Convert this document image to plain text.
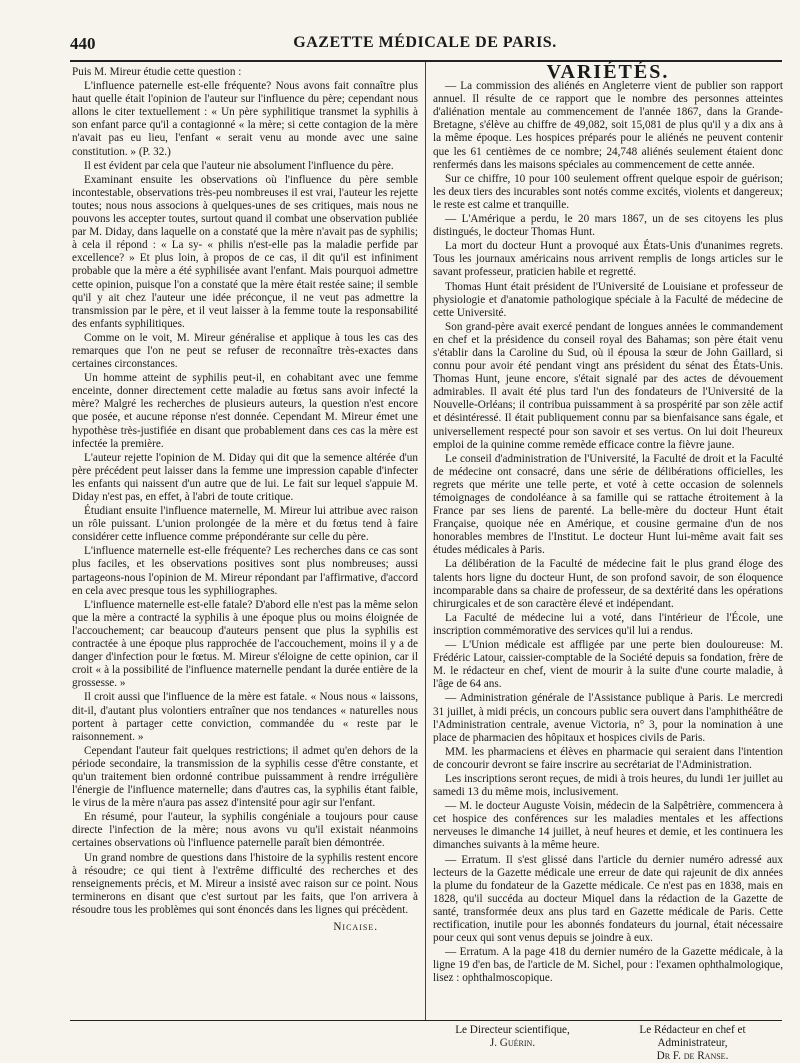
440	GAZETTE MÉDICALE DE PARIS.

Puis M. Mireur étudie cette question :

L'influence paternelle est-elle fréquente? Nous avons fait connaître plus haut quelle était l'opinion de l'auteur sur l'influence du père; cependant nous allons le citer textuellement : « Un père syphilitique transmet la syphilis à son enfant parce qu'il a contagionné « la mère; si cette contagion de la mère n'avait pas eu lieu, l'enfant « serait venu au monde avec une saine constitution. » (P. 32.)

Il est évident par cela que l'auteur nie absolument l'influence du père.

Examinant ensuite les observations où l'influence du père semble incontestable, observations très-peu nombreuses il est vrai, l'auteur les rejette toutes; nous nous associons à quelques-unes de ses critiques, mais nous ne pouvons les accepter toutes, surtout quand il combat une observation publiée par M. Diday, dans laquelle on a constaté que la mère n'avait pas de syphilis; à cela il répond : « La sy- « philis n'est-elle pas la maladie perfide par excellence? » Et plus loin, à propos de ce cas, il dit qu'il est infiniment probable que la mère a été syphilisée avant l'enfant. Mais pourquoi admettre cette opinion, puisque l'on a constaté que la mère était restée saine; il semble qu'il y ait chez l'auteur une idée préconçue, il ne veut pas admettre la transmission par le père, et il veut laisser à la femme toute la responsabilité des enfants syphilitiques.

Comme on le voit, M. Mireur généralise et applique à tous les cas des remarques que l'on ne peut se refuser de reconnaître très-exactes dans certaines circonstances.

Un homme atteint de syphilis peut-il, en cohabitant avec une femme enceinte, donner directement cette maladie au fœtus sans avoir infecté la mère? Malgré les recherches de plusieurs auteurs, la question n'est encore que posée, et aucune réponse n'est donnée. Cependant M. Mireur émet une hypothèse très-justifiée en disant que probablement dans ces cas la mère est infectée la première.

L'auteur rejette l'opinion de M. Diday qui dit que la semence altérée d'un père précédent peut laisser dans la femme une impression capable d'infecter les enfants qui naissent d'un autre que de lui. Le fait sur lequel s'appuie M. Diday n'est pas, en effet, à l'abri de toute critique.

Étudiant ensuite l'influence maternelle, M. Mireur lui attribue avec raison un rôle puissant. L'union prolongée de la mère et du fœtus tend à faire considérer cette influence comme prépondérante sur celle du père.

L'influence maternelle est-elle fréquente? Les recherches dans ce cas sont plus faciles, et les observations positives sont plus nombreuses; aussi partageons-nous l'opinion de M. Mireur répondant par l'affirmative, d'accord en cela avec presque tous les syphiliographes.

L'influence maternelle est-elle fatale? D'abord elle n'est pas la même selon que la mère a contracté la syphilis à une époque plus ou moins éloignée de l'accouchement; car beaucoup d'auteurs pensent que plus la syphilis est contractée à une époque plus rapprochée de l'accouchement, moins il y a de danger d'infection pour le fœtus. M. Mireur s'éloigne de cette opinion, car il croit « à la possibilité de l'influence maternelle pendant la durée entière de la grossesse. »

Il croit aussi que l'influence de la mère est fatale. « Nous nous « laissons, dit-il, d'autant plus volontiers entraîner que nos tendances « naturelles nous portent à partager cette conviction, commandée du « reste par le raisonnement. »

Cependant l'auteur fait quelques restrictions; il admet qu'en dehors de la période secondaire, la transmission de la syphilis cesse d'être constante, et qu'un traitement bien ordonné contribue puissamment à rendre irrégulière l'énergie de l'influence maternelle; dans d'autres cas, la syphilis étant faible, le virus de la mère n'aura pas assez d'intensité pour agir sur l'enfant.

En résumé, pour l'auteur, la syphilis congéniale a toujours pour cause directe l'infection de la mère; nous avons vu qu'il existait néanmoins certaines observations où l'influence paternelle paraît bien démontrée.

Un grand nombre de questions dans l'histoire de la syphilis restent encore à résoudre; ce qui tient à l'extrême difficulté des recherches et des renseignements précis, et M. Mireur a insisté avec raison sur ce point. Nous terminerons en disant que c'est surtout par les faits, que l'on arrivera à résoudre tous les problèmes qui sont énoncés dans les lignes qui précèdent.

Nicaise.

VARIÉTÉS.

— La commission des aliénés en Angleterre vient de publier son rapport annuel. Il résulte de ce rapport que le nombre des personnes atteintes d'aliénation mentale au commencement de l'année 1867, dans la Grande-Bretagne, s'élève au chiffre de 49,082, soit 15,081 de plus qu'il y a dix ans à la même époque. Les hospices préparés pour le aliénés ne peuvent contenir que les 61 centièmes de ce nombre; 24,748 aliénés seulement étaient donc renfermés dans les maisons spéciales au commencement de cette année.

Sur ce chiffre, 10 pour 100 seulement offrent quelque espoir de guérison; les deux tiers des incurables sont notés comme excités, violents et dangereux; le reste est calme et tranquille.

— L'Amérique a perdu, le 20 mars 1867, un de ses citoyens les plus distingués, le docteur Thomas Hunt.

La mort du docteur Hunt a provoqué aux États-Unis d'unanimes regrets. Tous les journaux américains nous arrivent remplis de longs articles sur le savant professeur, praticien habile et regretté.

Thomas Hunt était président de l'Université de Louisiane et professeur de physiologie et d'anatomie pathologique spéciale à la Faculté de médecine de cette Université.

Son grand-père avait exercé pendant de longues années le commandement en chef et la présidence du conseil royal des Bahamas; son père était venu s'établir dans la Caroline du Sud, où il épousa la sœur de John Gaillard, si connu pour avoir été pendant vingt ans président du sénat des États-Unis. Thomas Hunt, jeune encore, s'était signalé par des actes de dévouement admirables. Il avait été plus tard l'un des fondateurs de l'Université de la Nouvelle-Orléans; il contribua puissamment à sa prospérité par son zèle actif et désintéressé. Il était publiquement connu par sa bienfaisance sans égale, et universellement respecté pour son savoir et ses vertus. On lui doit l'heureux emploi de la quinine comme remède efficace contre la fièvre jaune.

Le conseil d'administration de l'Université, la Faculté de droit et la Faculté de médecine ont consacré, dans une série de délibérations officielles, les regrets que mérite une telle perte, et voté à cette occasion de solennels témoignages de condoléance à sa famille qui se rattache étroitement à la France par ses liens de parenté. La belle-mère du docteur Hunt était Française, quoique née en Amérique, et cousine germaine d'un de nos honorables membres de l'Institut. Le docteur Hunt lui-même avait fait ses études médicales à Paris.

La délibération de la Faculté de médecine fait le plus grand éloge des talents hors ligne du docteur Hunt, de son profond savoir, de son éloquence incomparable dans sa chaire de professeur, de sa dextérité dans les opérations chirurgicales et de son caractère élevé et indépendant.

La Faculté de médecine lui a voté, dans l'intérieur de l'École, une inscription commémorative des services qu'il lui a rendus.

— L'Union médicale est affligée par une perte bien douloureuse: M. Frédéric Latour, caissier-comptable de la Société depuis sa fondation, frère de M. le rédacteur en chef, vient de mourir à la suite d'une courte maladie, à l'âge de 64 ans.

— Administration générale de l'Assistance publique à Paris. Le mercredi 31 juillet, à midi précis, un concours public sera ouvert dans l'amphithéâtre de l'Administration centrale, avenue Victoria, n° 3, pour la nomination à une place de pharmacien des hôpitaux et hospices civils de Paris.

MM. les pharmaciens et élèves en pharmacie qui seraient dans l'intention de concourir devront se faire inscrire au secrétariat de l'Administration.

Les inscriptions seront reçues, de midi à trois heures, du lundi 1er juillet au samedi 13 du même mois, inclusivement.

— M. le docteur Auguste Voisin, médecin de la Salpêtrière, commencera à cet hospice des conférences sur les maladies mentales et les affections nerveuses le dimanche 14 juillet, à neuf heures et demie, et les continuera les dimanches suivants à la même heure.

— Erratum. Il s'est glissé dans l'article du dernier numéro adressé aux lecteurs de la Gazette médicale une erreur de date qui rajeunit de dix années la plume du fondateur de la Gazette médicale. Ce n'est pas en 1838, mais en 1828, qu'il succéda au docteur Miquel dans la rédaction de la Gazette de santé, transformée deux ans plus tard en Gazette médicale de Paris. Cette rectification, inutile pour les abonnés fondateurs du journal, était nécessaire pour ceux qui sont venus depuis se joindre à eux.

— Erratum. A la page 418 du dernier numéro de la Gazette médicale, à la ligne 19 d'en bas, de l'article de M. Sichel, pour : l'examen ophthalmologique, lisez : ophthalmoscopique.

Le Directeur scientifique,
J. Guérin.
Le Rédacteur en chef et Administrateur,
Dr F. de Ranse.
